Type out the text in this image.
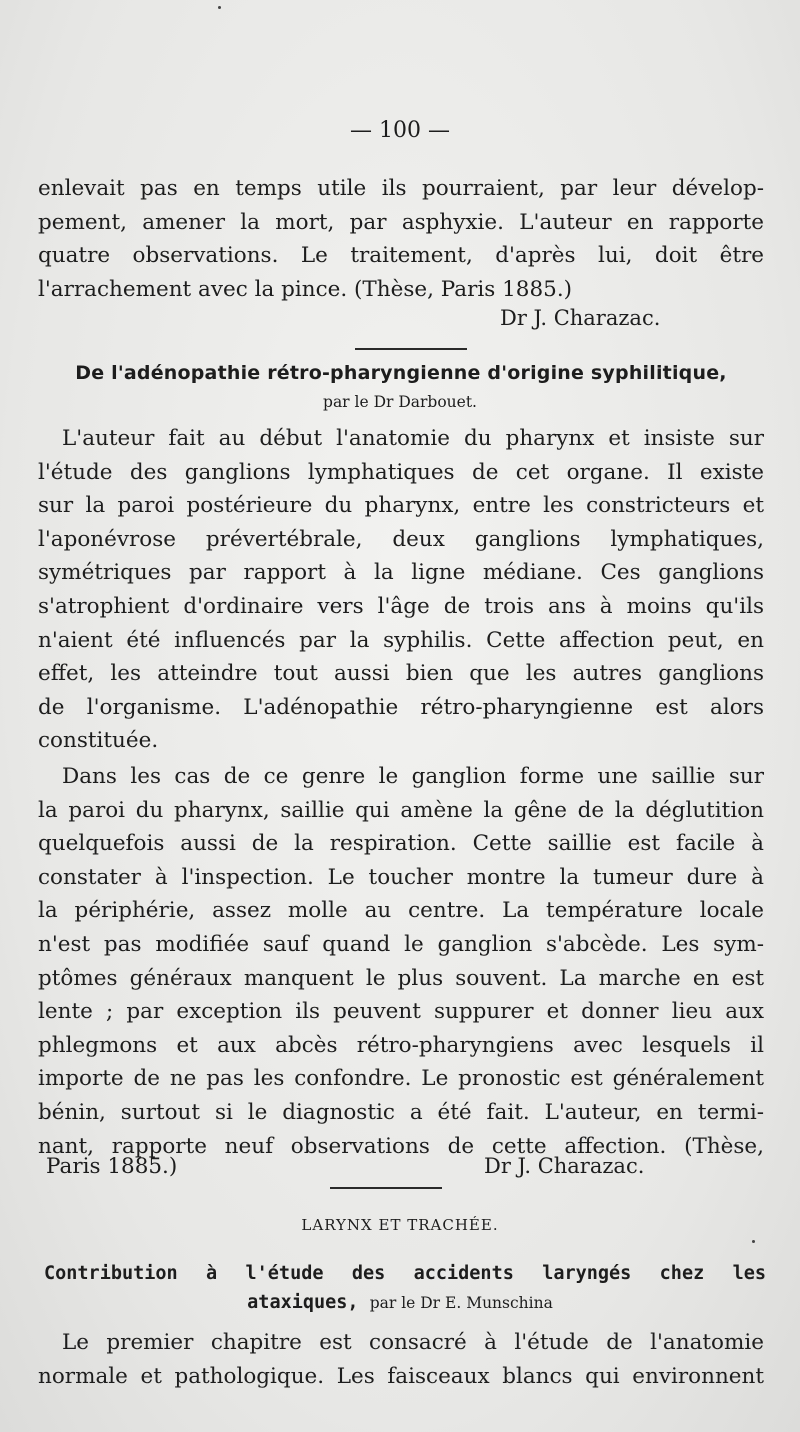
— 100 —
enlevait pas en temps utile ils pourraient, par leur dévelop-
pement, amener la mort, par asphyxie. L'auteur en rapporte
quatre observations. Le traitement, d'après lui, doit être
l'arrachement avec la pince. (Thèse, Paris 1885.)
Dr J. Charazac.
De l'adénopathie rétro-pharyngienne d'origine syphilitique,
par le Dr Darbouet.
L'auteur fait au début l'anatomie du pharynx et insiste sur
l'étude des ganglions lymphatiques de cet organe. Il existe
sur la paroi postérieure du pharynx, entre les constricteurs et
l'aponévrose prévertébrale, deux ganglions lymphatiques,
symétriques par rapport à la ligne médiane. Ces ganglions
s'atrophient d'ordinaire vers l'âge de trois ans à moins qu'ils
n'aient été influencés par la syphilis. Cette affection peut, en
effet, les atteindre tout aussi bien que les autres ganglions
de l'organisme. L'adénopathie rétro-pharyngienne est alors
constituée.
Dans les cas de ce genre le ganglion forme une saillie sur
la paroi du pharynx, saillie qui amène la gêne de la déglutition
quelquefois aussi de la respiration. Cette saillie est facile à
constater à l'inspection. Le toucher montre la tumeur dure à
la périphérie, assez molle au centre. La température locale
n'est pas modifiée sauf quand le ganglion s'abcède. Les sym-
ptômes généraux manquent le plus souvent. La marche en est
lente ; par exception ils peuvent suppurer et donner lieu aux
phlegmons et aux abcès rétro-pharyngiens avec lesquels il
importe de ne pas les confondre. Le pronostic est généralement
bénin, surtout si le diagnostic a été fait. L'auteur, en termi-
nant, rapporte neuf observations de cette affection. (Thèse,
Paris 1885.)	Dr J. Charazac.
LARYNX ET TRACHÉE.
Contribution à l'étude des accidents laryngés chez les
ataxiques, par le Dr E. Munschina
Le premier chapitre est consacré à l'étude de l'anatomie
normale et pathologique. Les faisceaux blancs qui environnent
